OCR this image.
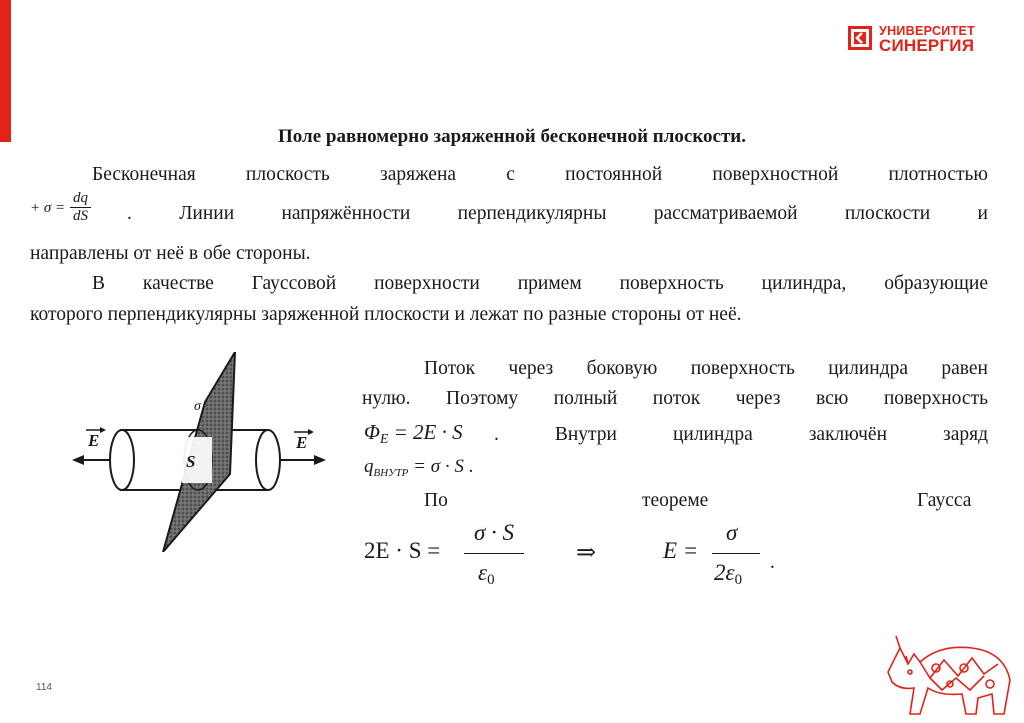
УНИВЕРСИТЕТ
СИНЕРГИЯ
Поле равномерно заряженной бесконечной плоскости.
Бесконечная плоскость заряжена с постоянной поверхностной плотностью
+ $\sigma = \frac{dq}{dS}$ . Линии напряжённости перпендикулярны рассматриваемой плоскости и
направлены от неё в обе стороны.
В качестве Гауссовой поверхности примем поверхность цилиндра, образующие
которого перпендикулярны заряженной плоскости и лежат по разные стороны от неё.
S
σ
E	E
Поток через боковую поверхность цилиндра равен
нулю. Поэтому полный поток через всю поверхность
$\Phi_E = 2E \cdot S$ . Внутри цилиндра заключён заряд
$q_{ВНУТР} = \sigma \cdot S$ .
По	теореме	Гаусса
2E · S =
σ · S
$\varepsilon_0$
⇒	E =
σ
$2\varepsilon_0$
.
114
